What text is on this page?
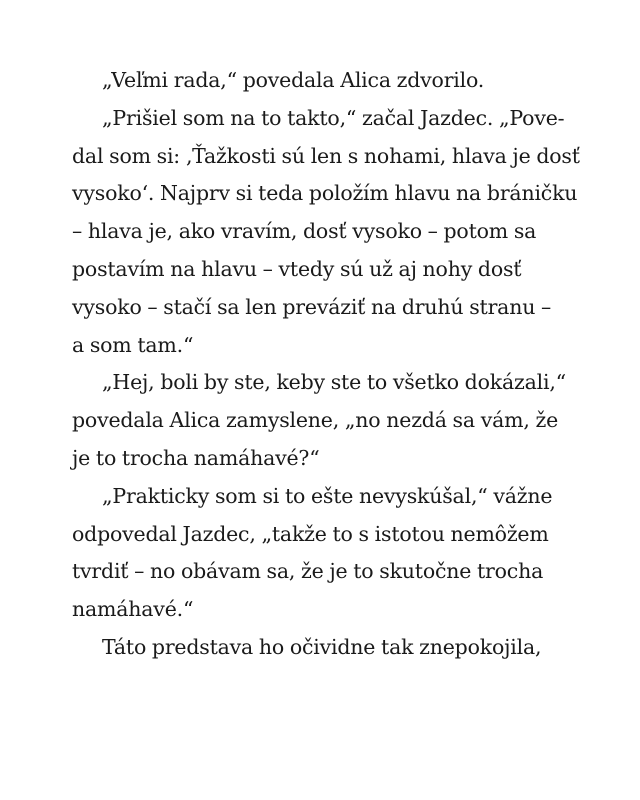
„Veľmi rada,“ povedala Alica zdvorilo.
„Prišiel som na to takto,“ začal Jazdec. „Pove-
dal som si: ‚Ťažkosti sú len s nohami, hlava je dosť
vysoko‘. Najprv si teda položím hlavu na bráničku
– hlava je, ako vravím, dosť vysoko – potom sa
postavím na hlavu – vtedy sú už aj nohy dosť
vysoko – stačí sa len preváziť na druhú stranu –
a som tam.“
„Hej, boli by ste, keby ste to všetko dokázali,“
povedala Alica zamyslene, „no nezdá sa vám, že
je to trocha namáhavé?“
„Prakticky som si to ešte nevyskúšal,“ vážne
odpovedal Jazdec, „takže to s istotou nemôžem
tvrdiť – no obávam sa, že je to skutočne trocha
namáhavé.“
Táto predstava ho očividne tak znepokojila,
